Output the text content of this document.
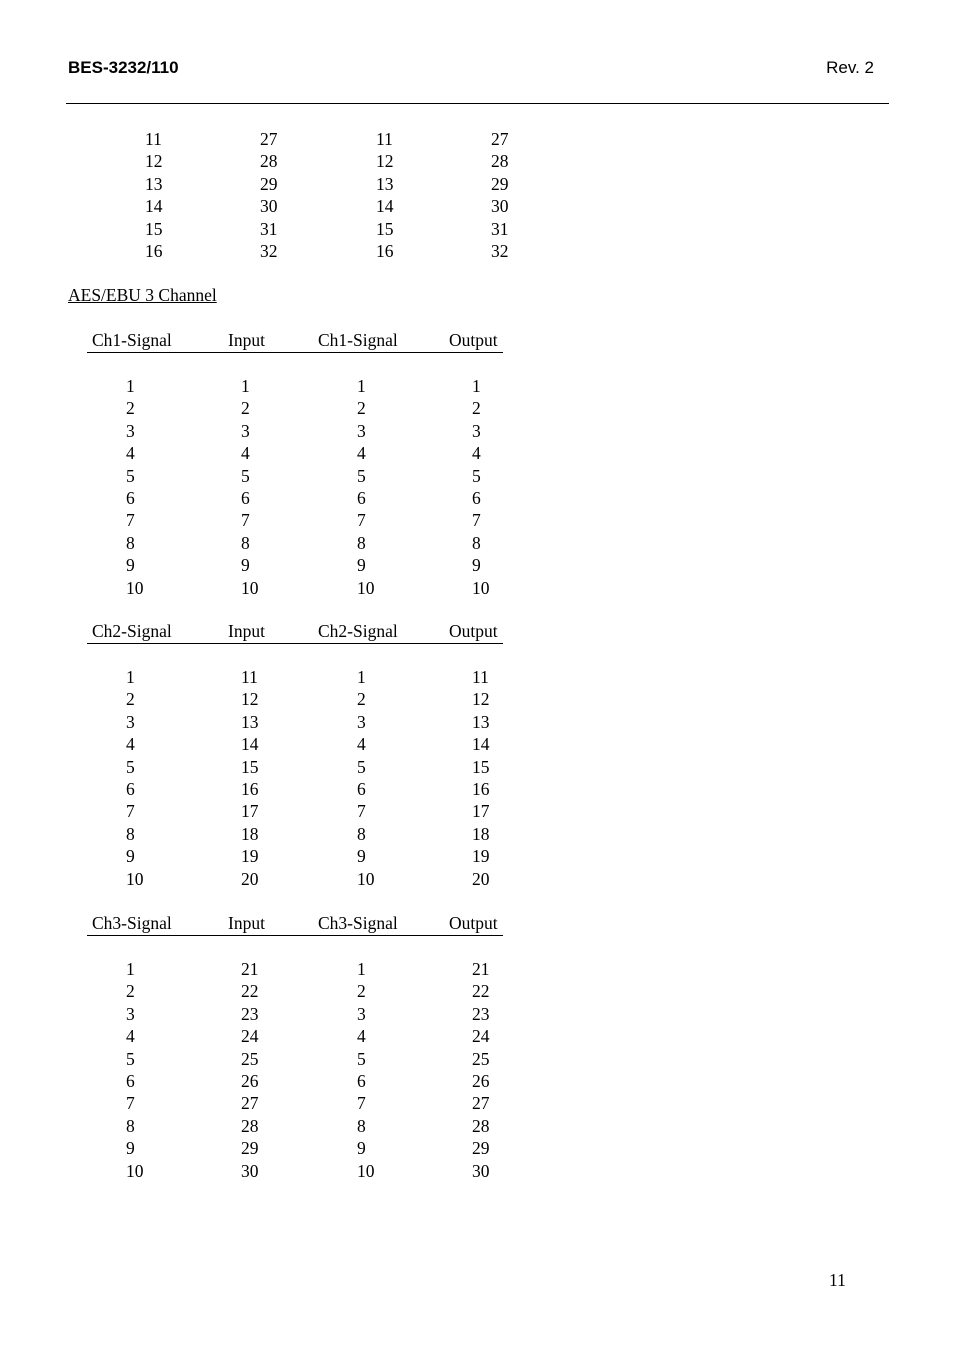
BES-3232/110	Rev. 2
11	27	11	27
12	28	12	28
13	29	13	29
14	30	14	30
15	31	15	31
16	32	16	32
AES/EBU 3 Channel
Ch1-Signal	Input	Ch1-Signal	Output
1	1	1	1
2	2	2	2
3	3	3	3
4	4	4	4
5	5	5	5
6	6	6	6
7	7	7	7
8	8	8	8
9	9	9	9
10	10	10	10
Ch2-Signal	Input	Ch2-Signal	Output
1	11	1	11
2	12	2	12
3	13	3	13
4	14	4	14
5	15	5	15
6	16	6	16
7	17	7	17
8	18	8	18
9	19	9	19
10	20	10	20
Ch3-Signal	Input	Ch3-Signal	Output
1	21	1	21
2	22	2	22
3	23	3	23
4	24	4	24
5	25	5	25
6	26	6	26
7	27	7	27
8	28	8	28
9	29	9	29
10	30	10	30
11
